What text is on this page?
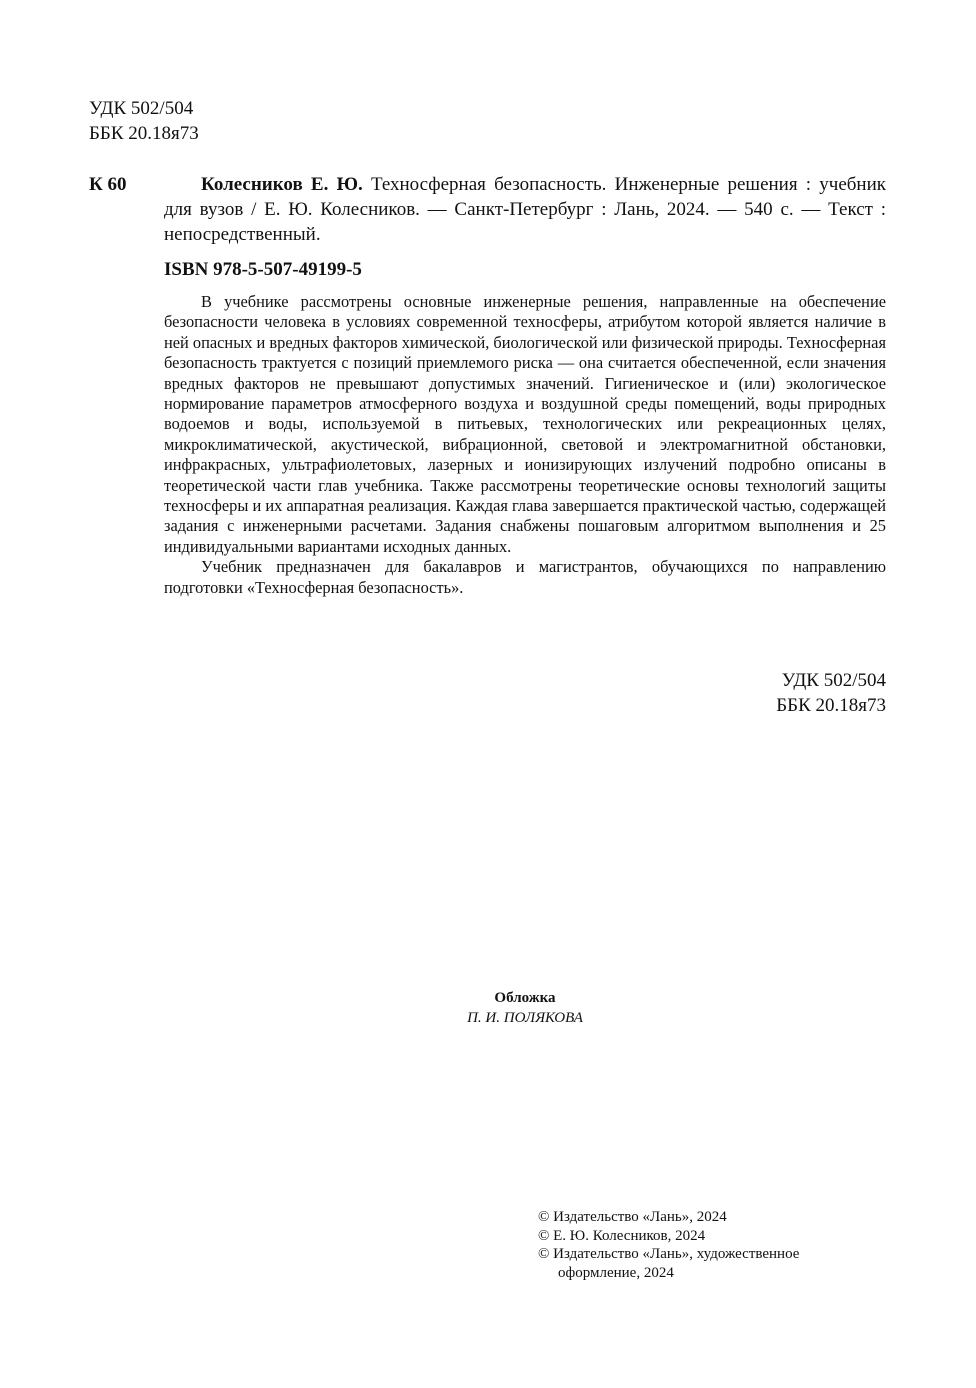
УДК 502/504
ББК 20.18я73
К 60	Колесников Е. Ю. Техносферная безопасность. Инженерные решения : учебник для вузов / Е. Ю. Колесников. — Санкт-Петербург : Лань, 2024. — 540 с. — Текст : непосредственный.
ISBN 978-5-507-49199-5

В учебнике рассмотрены основные инженерные решения, направленные на обеспечение безопасности человека в условиях современной техносферы, атрибутом которой является наличие в ней опасных и вредных факторов химической, биологической или физической природы. Техносферная безопасность трактуется с позиций приемлемого риска — она считается обеспеченной, если значения вредных факторов не превышают допустимых значений. Гигиеническое и (или) экологическое нормирование параметров атмосферного воздуха и воздушной среды помещений, воды природных водоемов и воды, используемой в питьевых, технологических или рекреационных целях, микроклиматической, акустической, вибрационной, световой и электромагнитной обстановки, инфракрасных, ультрафиолетовых, лазерных и ионизирующих излучений подробно описаны в теоретической части глав учебника. Также рассмотрены теоретические основы технологий защиты техносферы и их аппаратная реализация. Каждая глава завершается практической частью, содержащей задания с инженерными расчетами. Задания снабжены пошаговым алгоритмом выполнения и 25 индивидуальными вариантами исходных данных.

Учебник предназначен для бакалавров и магистрантов, обучающихся по направлению подготовки «Техносферная безопасность».

УДК 502/504
ББК 20.18я73
Обложка
П. И. ПОЛЯКОВА
© Издательство «Лань», 2024
© Е. Ю. Колесников, 2024
© Издательство «Лань», художественное
оформление, 2024
